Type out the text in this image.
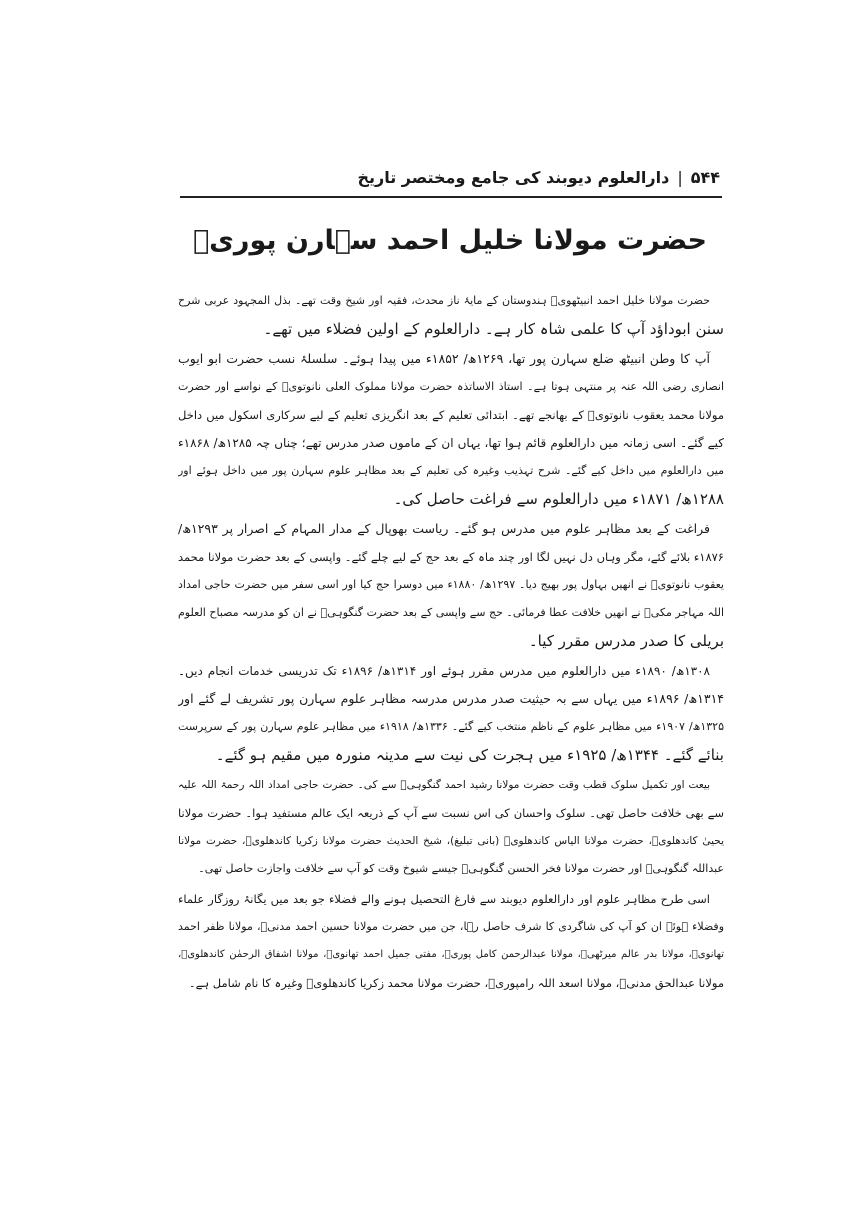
۵۴۴
|
دارالعلوم دیوبند کی جامع ومختصر تاریخ
حضرت مولانا خلیل احمد سہارن پوریؒ
حضرت مولانا خلیل احمد انبیٹھویؒ ہندوستان کے مایۂ ناز محدث، فقیہ اور شیخ وقت تھے۔ بذل المجہود عربی شرح
سنن ابوداؤد آپ کا علمی شاہ کار ہے۔ دارالعلوم کے اولین فضلاء میں تھے۔
آپ کا وطن انبیٹھ ضلع سہارن پور تھا، ۱۲۶۹ھ/ ۱۸۵۲ء میں پیدا ہوئے۔ سلسلۂ نسب حضرت ابو ایوب
انصاری رضی اللہ عنہ پر منتہی ہوتا ہے۔ استاذ الاساتذہ حضرت مولانا مملوک العلی نانوتویؒ کے نواسے اور حضرت
مولانا محمد یعقوب نانوتویؒ کے بھانجے تھے۔ ابتدائی تعلیم کے بعد انگریزی تعلیم کے لیے سرکاری اسکول میں داخل
کیے گئے۔ اسی زمانہ میں دارالعلوم قائم ہوا تھا، یہاں ان کے ماموں صدر مدرس تھے؛ چناں چہ ۱۲۸۵ھ/ ۱۸۶۸ء
میں دارالعلوم میں داخل کیے گئے۔ شرح تہذیب وغیرہ کی تعلیم کے بعد مظاہر علوم سہارن پور میں داخل ہوئے اور
۱۲۸۸ھ/ ۱۸۷۱ء میں دارالعلوم سے فراغت حاصل کی۔
فراغت کے بعد مظاہر علوم میں مدرس ہو گئے۔ ریاست بھوپال کے مدار المہام کے اصرار پر ۱۲۹۳ھ/
۱۸۷۶ء بلائے گئے، مگر وہاں دل نہیں لگا اور چند ماہ کے بعد حج کے لیے چلے گئے۔ واپسی کے بعد حضرت مولانا محمد
یعقوب نانوتویؒ نے انھیں بہاول پور بھیج دیا۔ ۱۲۹۷ھ/ ۱۸۸۰ء میں دوسرا حج کیا اور اسی سفر میں حضرت حاجی امداد
اللہ مہاجر مکیؒ نے انھیں خلافت عطا فرمائی۔ حج سے واپسی کے بعد حضرت گنگوہیؒ نے ان کو مدرسہ مصباح العلوم
بریلی کا صدر مدرس مقرر کیا۔
۱۳۰۸ھ/ ۱۸۹۰ء میں دارالعلوم میں مدرس مقرر ہوئے اور ۱۳۱۴ھ/ ۱۸۹۶ء تک تدریسی خدمات انجام دیں۔
۱۳۱۴ھ/ ۱۸۹۶ء میں یہاں سے بہ حیثیت صدر مدرس مدرسہ مظاہر علوم سہارن پور تشریف لے گئے اور
۱۳۲۵ھ/ ۱۹۰۷ء میں مظاہر علوم کے ناظم منتخب کیے گئے۔ ۱۳۳۶ھ/ ۱۹۱۸ء میں مظاہر علوم سہارن پور کے سرپرست
بنائے گئے۔ ۱۳۴۴ھ/ ۱۹۲۵ء میں ہجرت کی نیت سے مدینہ منورہ میں مقیم ہو گئے۔
بیعت اور تکمیل سلوک قطب وقت حضرت مولانا رشید احمد گنگوہیؒ سے کی۔ حضرت حاجی امداد اللہ رحمۃ اللہ علیہ
سے بھی خلافت حاصل تھی۔ سلوک واحسان کی اس نسبت سے آپ کے ذریعہ ایک عالم مستفید ہوا۔ حضرت مولانا
یحییٰ کاندھلویؒ، حضرت مولانا الیاس کاندھلویؒ (بانی تبلیغ)، شیخ الحدیث حضرت مولانا زکریا کاندھلویؒ، حضرت مولانا
عبداللہ گنگوہیؒ اور حضرت مولانا فخر الحسن گنگوہیؒ جیسے شیوخ وقت کو آپ سے خلافت واجازت حاصل تھی۔
اسی طرح مظاہر علوم اور دارالعلوم دیوبند سے فارغ التحصیل ہونے والے فضلاء جو بعد میں یگانۂ روزگار علماء
وفضلاء ہوئے ان کو آپ کی شاگردی کا شرف حاصل رہا، جن میں حضرت مولانا حسین احمد مدنیؒ، مولانا ظفر احمد
تھانویؒ، مولانا بدر عالم میرٹھیؒ، مولانا عبدالرحمن کامل پوریؒ، مفتی جمیل احمد تھانویؒ، مولانا اشفاق الرحمٰن کاندھلویؒ،
مولانا عبدالحق مدنیؒ، مولانا اسعد اللہ رامپوریؒ، حضرت مولانا محمد زکریا کاندھلویؒ وغیرہ کا نام شامل ہے۔
